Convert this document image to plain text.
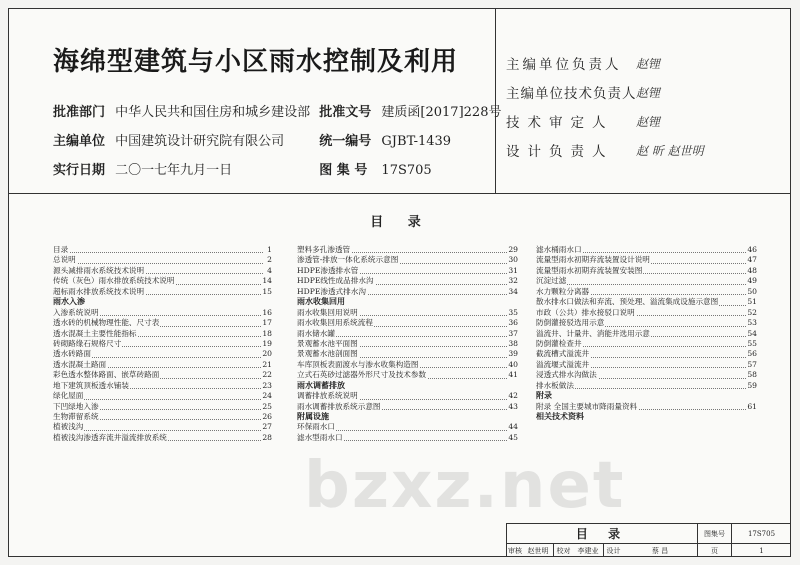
海绵型建筑与小区雨水控制及利用
批准部门 中华人民共和国住房和城乡建设部 批准文号 建质函[2017]228号
主编单位 中国建筑设计研究院有限公司	统一编号 GJBT-1439
实行日期 二〇一七年九月一日	图 集 号 17S705
主编单位负责人 赵锂
主编单位技术负责人 赵锂
技术审定人 赵锂
设计负责人 赵 昕 赵世明
目 录
目录	1
总说明	2
源头减排雨水系统技术说明	4
传统（灰色）雨水排放系统技术说明	14
超标雨水排放系统技术说明	15
雨水入渗
入渗系统说明	16
透水砖的机械物理性能、尺寸表	17
透水混凝土主要性能指标	18
砖砌路缘石规格尺寸	19
透水砖路面	20
透水混凝土路面	21
彩色透水整体路面、嵌草砖路面	22
地下建筑顶板透水铺装	23
绿化屋面	24
下凹绿地入渗	25
生物滞留系统	26
植被浅沟	27
植被浅沟渗透弃流井溢流排放系统	28
塑料多孔渗透管	29
渗透管-排放一体化系统示意图	30
HDPE渗透排水管	31
HDPE线性成品排水沟	32
HDPE渗透式排水沟	34
雨水收集回用
雨水收集回用说明	35
雨水收集回用系统流程	36
雨水储水罐	37
景观蓄水池平面图	38
景观蓄水池剖面图	39
车库顶板表面渡水与渗水收集构造图	40
立式石英砂过滤器外形尺寸及技术参数	41
雨水调蓄排放
调蓄排放系统说明	42
雨水调蓄排放系统示意图	43
附属设施
环保雨水口	44
滤水型雨水口	45
滤水桶雨水口	46
流量型雨水初期弃流装置设计说明	47
流量型雨水初期弃流装置安装图	48
沉淀过滤	49
水力颗粒分离器	50
散水排水口做法和弃流、预处理、溢流集成设施示意图	51
市政（公共）排水接驳口说明	52
防倒灌接驳选用示意	53
溢流井、计量井、消能井选用示意	54
防倒灌检查井	55
截流槽式溢流井	56
溢流堰式溢流井	57
浸透式排水沟做法	58
排水板做法	59
附录
附录 全国主要城市降雨量资料	61
相关技术资料
bzxz.net
目 录	图集号	17S705
审核 赵世明	校对	李建业	设计	蔡 昌	页	1
